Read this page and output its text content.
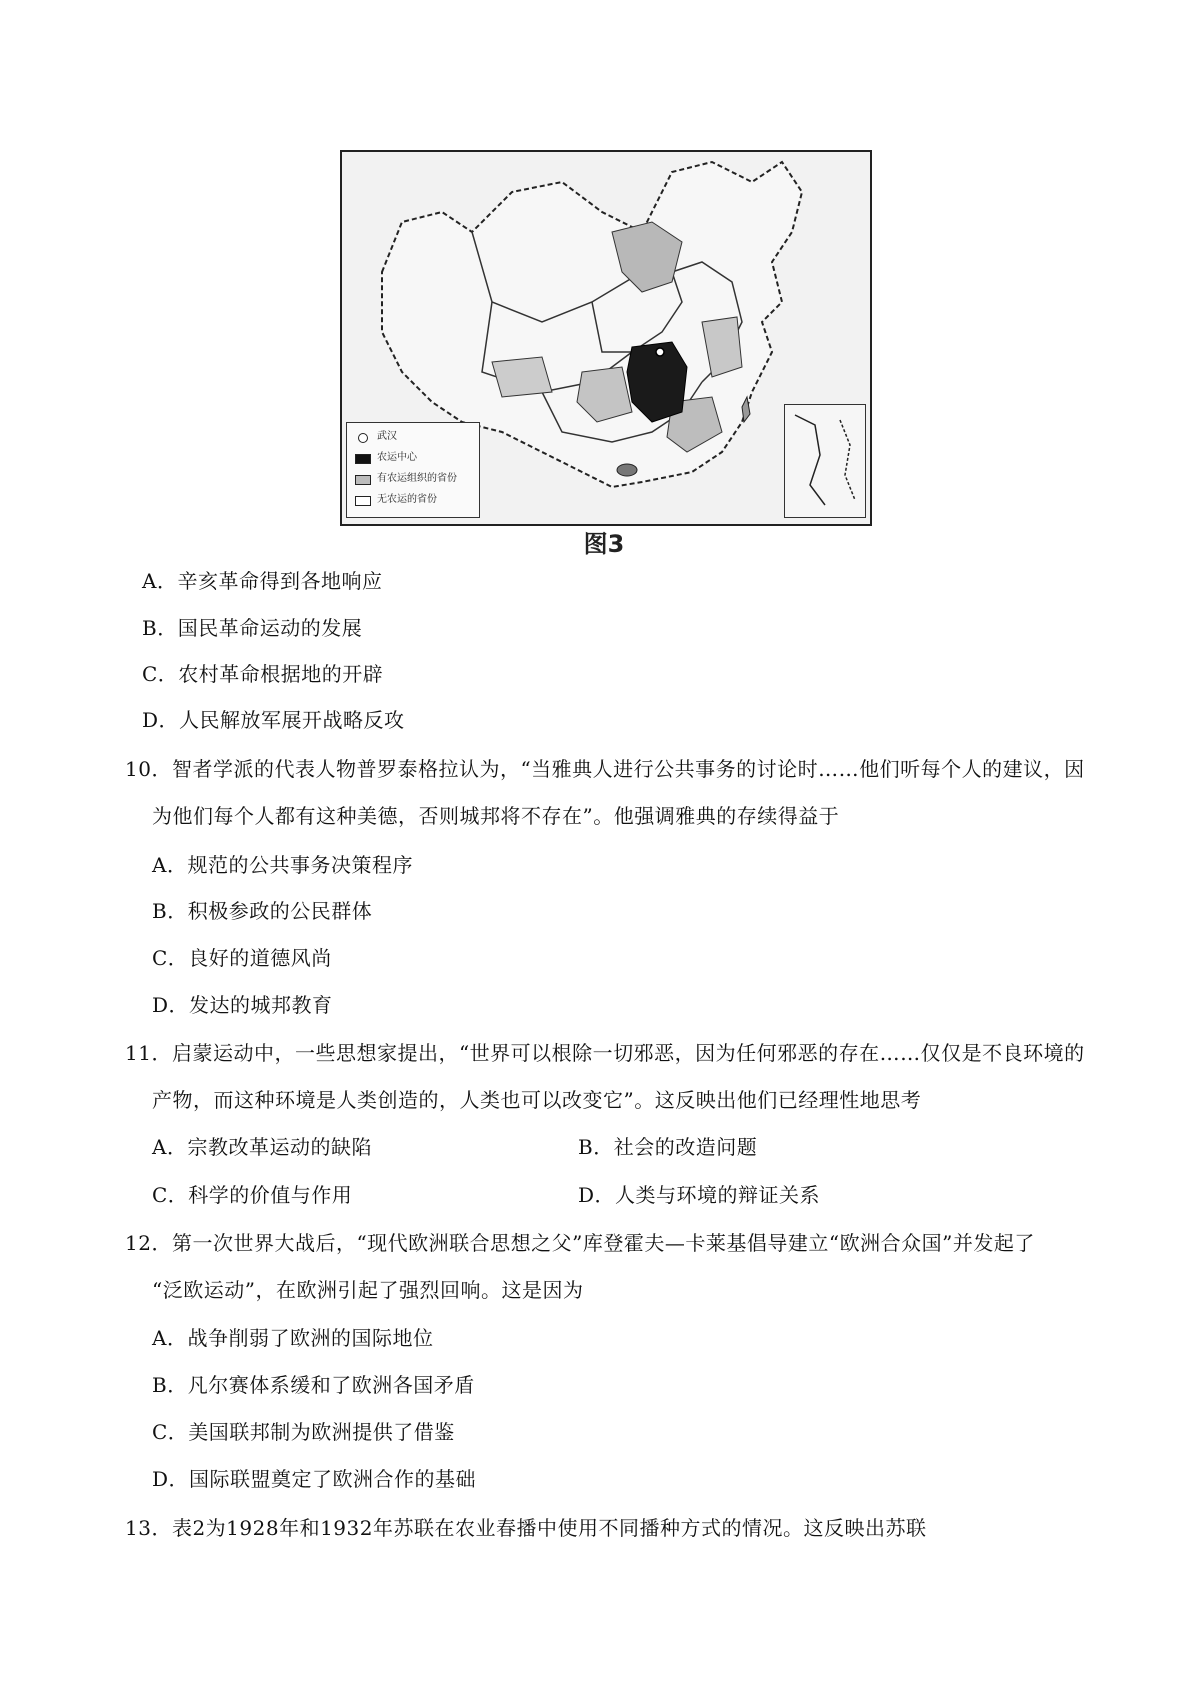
武汉
农运中心
有农运组织的省份
无农运的省份
图3
A．辛亥革命得到各地响应
B．国民革命运动的发展
C．农村革命根据地的开辟
D．人民解放军展开战略反攻
10．智者学派的代表人物普罗泰格拉认为，“当雅典人进行公共事务的讨论时……他们听每个人的建议，因
为他们每个人都有这种美德，否则城邦将不存在”。他强调雅典的存续得益于
A．规范的公共事务决策程序
B．积极参政的公民群体
C．良好的道德风尚
D．发达的城邦教育
11．启蒙运动中，一些思想家提出，“世界可以根除一切邪恶，因为任何邪恶的存在……仅仅是不良环境的
产物，而这种环境是人类创造的，人类也可以改变它”。这反映出他们已经理性地思考
A．宗教改革运动的缺陷	B．社会的改造问题
C．科学的价值与作用	D．人类与环境的辩证关系
12．第一次世界大战后，“现代欧洲联合思想之父”库登霍夫—卡莱基倡导建立“欧洲合众国”并发起了
“泛欧运动”，在欧洲引起了强烈回响。这是因为
A．战争削弱了欧洲的国际地位
B．凡尔赛体系缓和了欧洲各国矛盾
C．美国联邦制为欧洲提供了借鉴
D．国际联盟奠定了欧洲合作的基础
13．表2为1928年和1932年苏联在农业春播中使用不同播种方式的情况。这反映出苏联
